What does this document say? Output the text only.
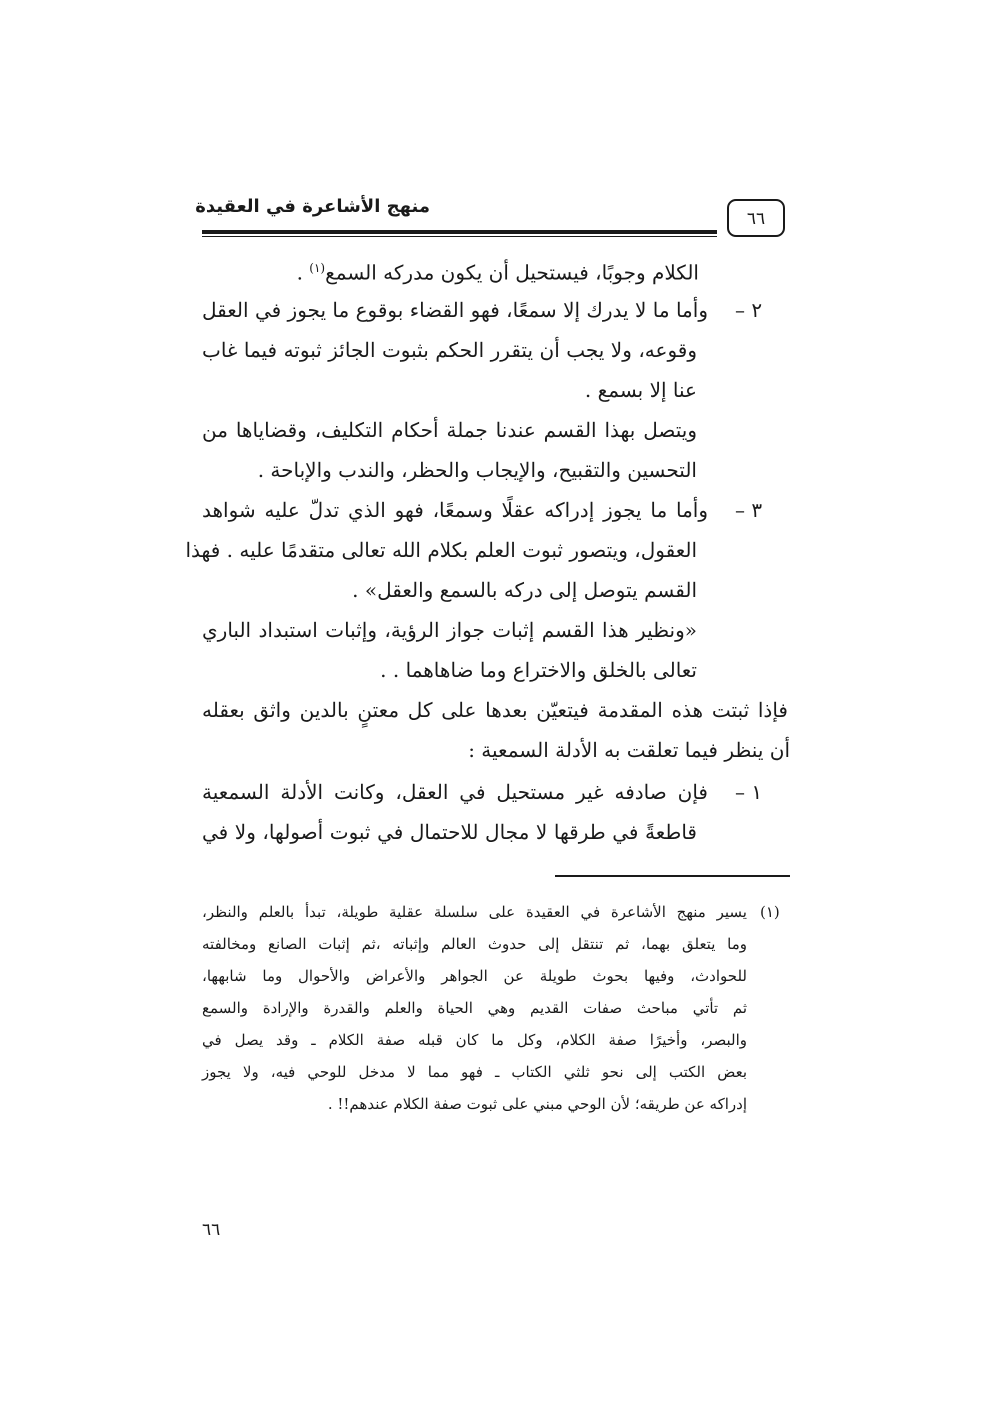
منهج الأشاعرة في العقيدة
٦٦
الكلام وجوبًا، فيستحيل أن يكون مدركه السمع$^{(١)}$ .
٢ –
وأما ما لا يدرك إلا سمعًا، فهو القضاء بوقوع ما يجوز في العقل
وقوعه، ولا يجب أن يتقرر الحكم بثبوت الجائز ثبوته فيما غاب
عنا إلا بسمع .
ويتصل بهذا القسم عندنا جملة أحكام التكليف، وقضاياها من
التحسين والتقبيح، والإيجاب والحظر، والندب والإباحة .
٣ –
وأما ما يجوز إدراكه عقلًا وسمعًا، فهو الذي تدلّ عليه شواهد
العقول، ويتصور ثبوت العلم بكلام الله تعالى متقدمًا عليه . فهذا
القسم يتوصل إلى دركه بالسمع والعقل» .
«ونظير هذا القسم إثبات جواز الرؤية، وإثبات استبداد الباري
تعالى بالخلق والاختراع وما ضاهاهما . .
فإذا ثبتت هذه المقدمة فيتعيّن بعدها على كل معتنٍ بالدين واثق بعقله
أن ينظر فيما تعلقت به الأدلة السمعية :
١ –
فإن صادفه غير مستحيل في العقل، وكانت الأدلة السمعية
قاطعةً في طرقها لا مجال للاحتمال في ثبوت أصولها، ولا في
(١)
يسير منهج الأشاعرة في العقيدة على سلسلة عقلية طويلة، تبدأ بالعلم والنظر،
وما يتعلق بهما، ثم تنتقل إلى حدوث العالم وإثباته ،ثم إثبات الصانع ومخالفته
للحوادث، وفيها بحوث طويلة عن الجواهر والأعراض والأحوال وما شابهها،
ثم تأتي مباحث صفات القديم وهي الحياة والعلم والقدرة والإرادة والسمع
والبصر، وأخيرًا صفة الكلام، وكل ما كان قبله صفة الكلام ـ وقد يصل في
بعض الكتب إلى نحو ثلثي الكتاب ـ فهو مما لا مدخل للوحي فيه، ولا يجوز
إدراكه عن طريقه؛ لأن الوحي مبني على ثبوت صفة الكلام عندهم!! .
٦٦
